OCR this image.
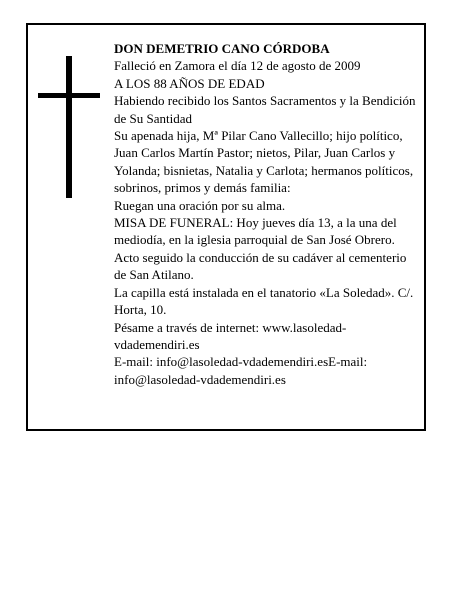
DON DEMETRIO CANO CÓRDOBA

Falleció en Zamora el día 12 de agosto de 2009

A LOS 88 AÑOS DE EDAD

Habiendo recibido los Santos Sacramentos y la Bendición de Su Santidad

Su apenada hija, Mª Pilar Cano Vallecillo; hijo político, Juan Carlos Martín Pastor; nietos, Pilar, Juan Carlos y Yolanda; bisnietas, Natalia y Carlota; hermanos políticos, sobrinos, primos y demás familia:

Ruegan una oración por su alma.

MISA DE FUNERAL: Hoy jueves día 13, a la una del mediodía, en la iglesia parroquial de San José Obrero.

Acto seguido la conducción de su cadáver al cementerio de San Atilano.

La capilla está instalada en el tanatorio «La Soledad». C/. Horta, 10.

Pésame a través de internet: www.lasoledad-vdademendiri.es

E-mail: info@lasoledad-vdademendiri.esE-mail: info@lasoledad-vdademendiri.es
